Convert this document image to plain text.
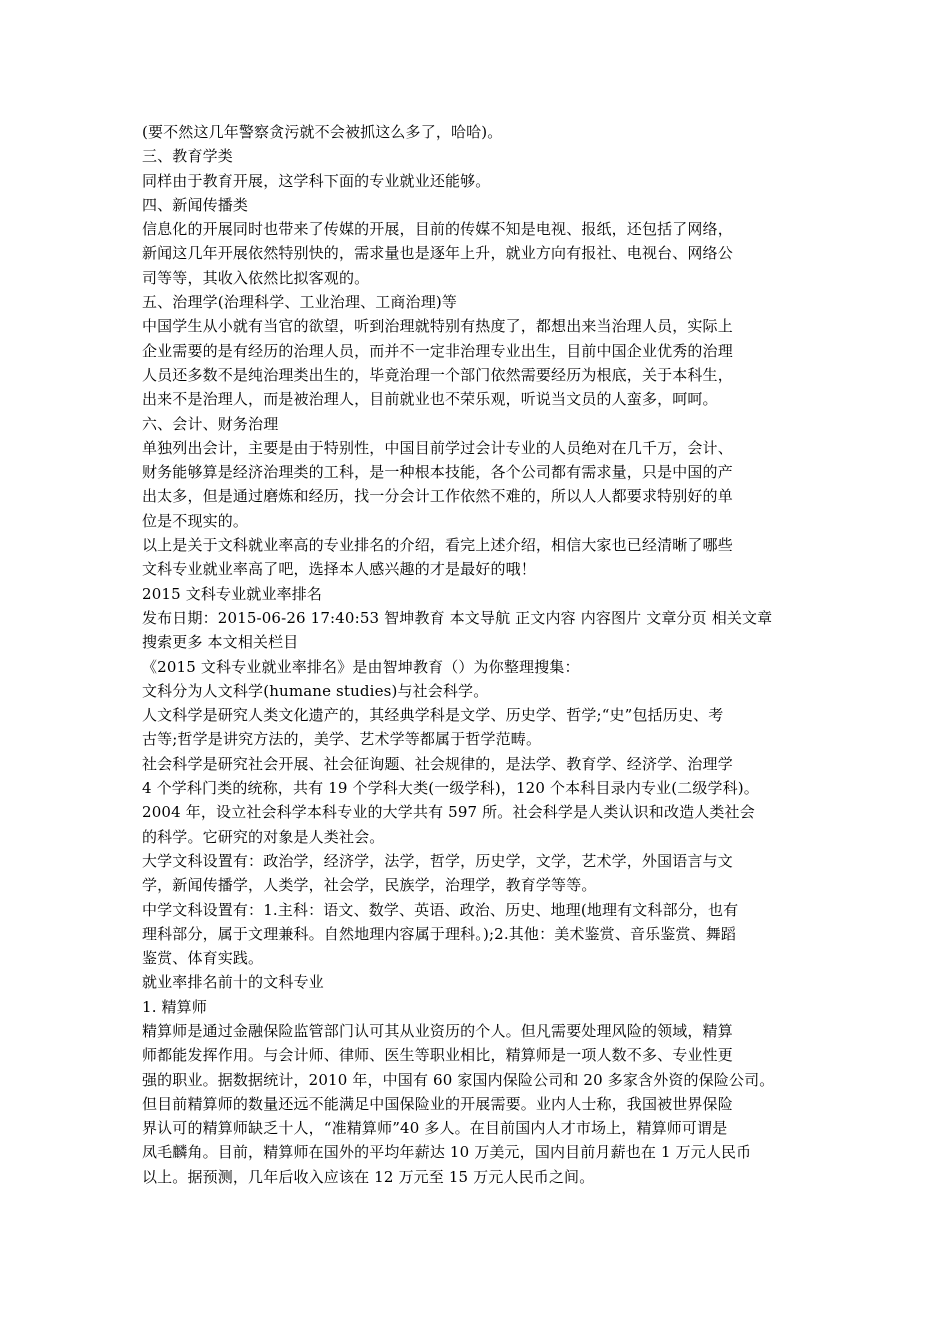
(要不然这几年警察贪污就不会被抓这么多了，哈哈)。
三、教育学类
同样由于教育开展，这学科下面的专业就业还能够。
四、新闻传播类
信息化的开展同时也带来了传媒的开展，目前的传媒不知是电视、报纸，还包括了网络，
新闻这几年开展依然特别快的，需求量也是逐年上升，就业方向有报社、电视台、网络公
司等等，其收入依然比拟客观的。
五、治理学(治理科学、工业治理、工商治理)等
中国学生从小就有当官的欲望，听到治理就特别有热度了，都想出来当治理人员，实际上
企业需要的是有经历的治理人员，而并不一定非治理专业出生，目前中国企业优秀的治理
人员还多数不是纯治理类出生的，毕竟治理一个部门依然需要经历为根底，关于本科生，
出来不是治理人，而是被治理人，目前就业也不荣乐观，听说当文员的人蛮多，呵呵。
六、会计、财务治理
单独列出会计，主要是由于特别性，中国目前学过会计专业的人员绝对在几千万，会计、
财务能够算是经济治理类的工科，是一种根本技能，各个公司都有需求量，只是中国的产
出太多，但是通过磨炼和经历，找一分会计工作依然不难的，所以人人都要求特别好的单
位是不现实的。
以上是关于文科就业率高的专业排名的介绍，看完上述介绍，相信大家也已经清晰了哪些
文科专业就业率高了吧，选择本人感兴趣的才是最好的哦！
2015 文科专业就业率排名
发布日期：2015-06-26 17:40:53 智坤教育 本文导航 正文内容 内容图片 文章分页 相关文章
搜索更多 本文相关栏目
《2015 文科专业就业率排名》是由智坤教育（）为你整理搜集：
文科分为人文科学(humane studies)与社会科学。
人文科学是研究人类文化遗产的，其经典学科是文学、历史学、哲学;“史”包括历史、考
古等;哲学是讲究方法的，美学、艺术学等都属于哲学范畴。
社会科学是研究社会开展、社会征询题、社会规律的，是法学、教育学、经济学、治理学
4 个学科门类的统称，共有 19 个学科大类(一级学科)，120 个本科目录内专业(二级学科)。
2004 年，设立社会科学本科专业的大学共有 597 所。社会科学是人类认识和改造人类社会
的科学。它研究的对象是人类社会。
大学文科设置有：政治学，经济学，法学，哲学，历史学，文学，艺术学，外国语言与文
学，新闻传播学，人类学，社会学，民族学，治理学，教育学等等。
中学文科设置有：1.主科：语文、数学、英语、政治、历史、地理(地理有文科部分，也有
理科部分，属于文理兼科。自然地理内容属于理科。);2.其他：美术鉴赏、音乐鉴赏、舞蹈
鉴赏、体育实践。
就业率排名前十的文科专业
1. 精算师
精算师是通过金融保险监管部门认可其从业资历的个人。但凡需要处理风险的领域，精算
师都能发挥作用。与会计师、律师、医生等职业相比，精算师是一项人数不多、专业性更
强的职业。据数据统计，2010 年，中国有 60 家国内保险公司和 20 多家含外资的保险公司。
但目前精算师的数量还远不能满足中国保险业的开展需要。业内人士称，我国被世界保险
界认可的精算师缺乏十人，“准精算师”40 多人。在目前国内人才市场上，精算师可谓是
凤毛麟角。目前，精算师在国外的平均年薪达 10 万美元，国内目前月薪也在 1 万元人民币
以上。据预测，几年后收入应该在 12 万元至 15 万元人民币之间。
